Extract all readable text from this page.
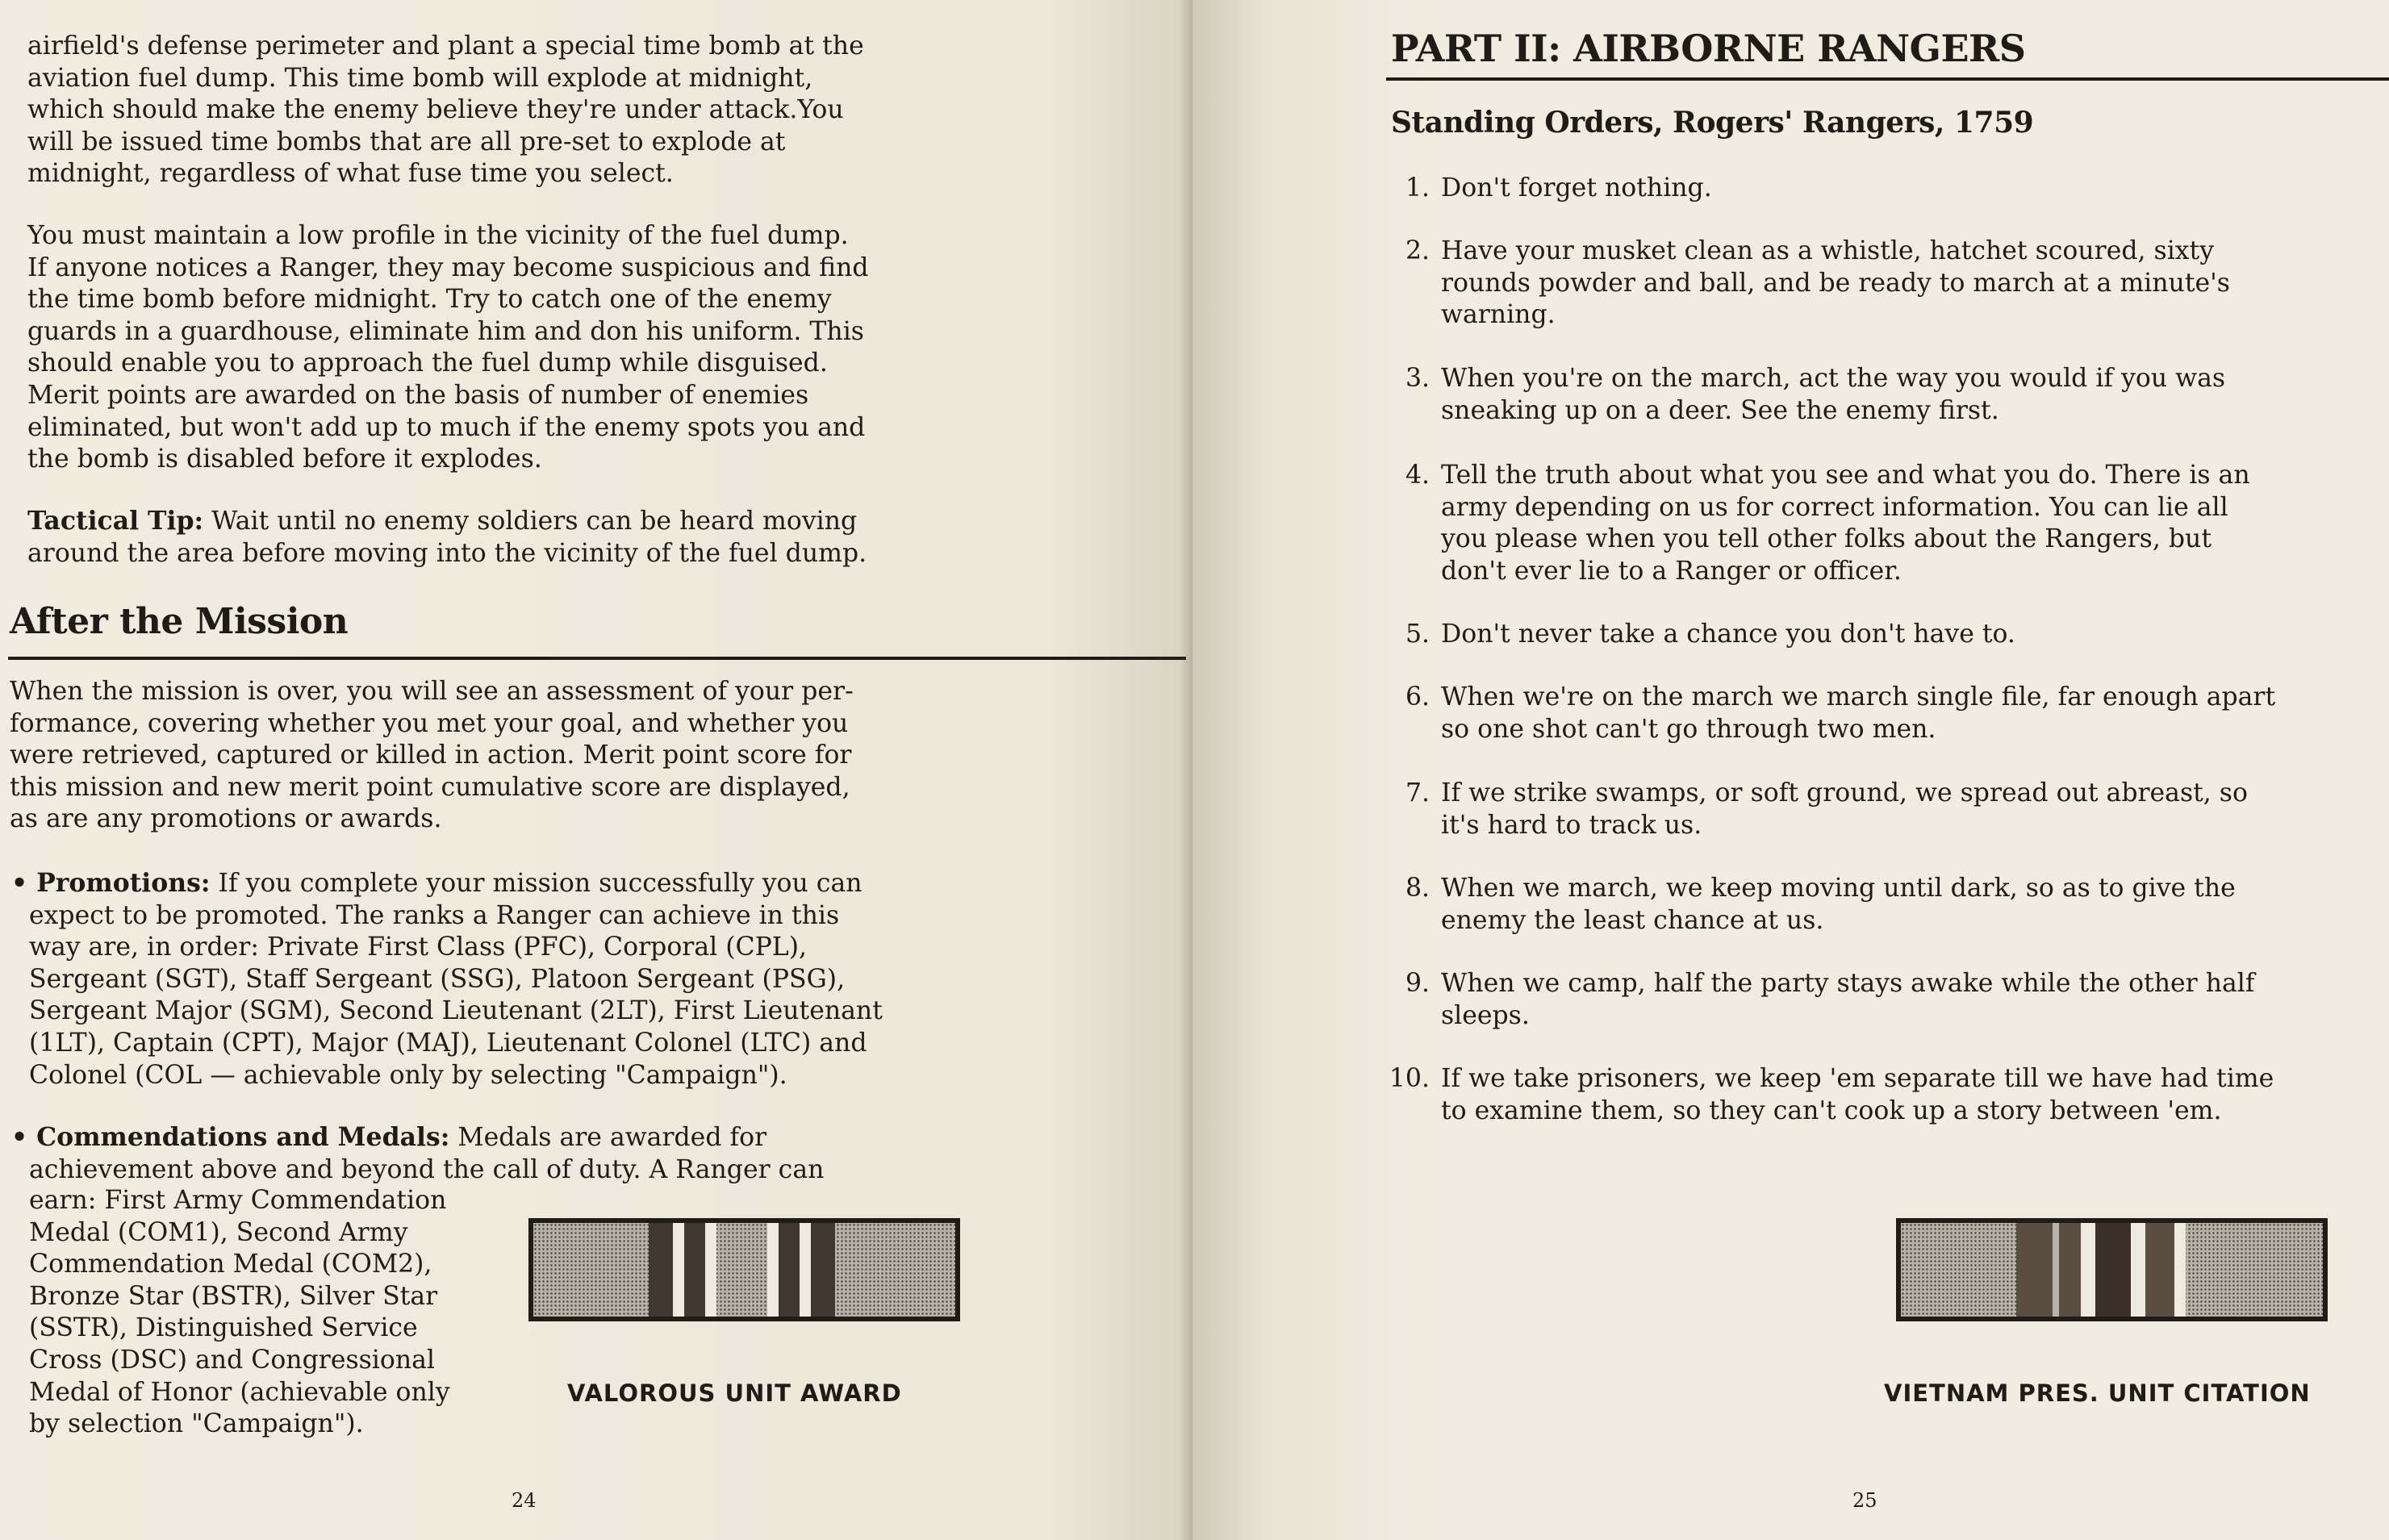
airfield's defense perimeter and plant a special time bomb at the
aviation fuel dump. This time bomb will explode at midnight,
which should make the enemy believe they're under attack.You
will be issued time bombs that are all pre-set to explode at
midnight, regardless of what fuse time you select.

You must maintain a low profile in the vicinity of the fuel dump.
If anyone notices a Ranger, they may become suspicious and find
the time bomb before midnight. Try to catch one of the enemy
guards in a guardhouse, eliminate him and don his uniform. This
should enable you to approach the fuel dump while disguised.
Merit points are awarded on the basis of number of enemies
eliminated, but won't add up to much if the enemy spots you and
the bomb is disabled before it explodes.

Tactical Tip: Wait until no enemy soldiers can be heard moving
around the area before moving into the vicinity of the fuel dump.

After the Mission

When the mission is over, you will see an assessment of your per-
formance, covering whether you met your goal, and whether you
were retrieved, captured or killed in action. Merit point score for
this mission and new merit point cumulative score are displayed,
as are any promotions or awards.

• Promotions: If you complete your mission successfully you can
expect to be promoted. The ranks a Ranger can achieve in this
way are, in order: Private First Class (PFC), Corporal (CPL),
Sergeant (SGT), Staff Sergeant (SSG), Platoon Sergeant (PSG),
Sergeant Major (SGM), Second Lieutenant (2LT), First Lieutenant
(1LT), Captain (CPT), Major (MAJ), Lieutenant Colonel (LTC) and
Colonel (COL — achievable only by selecting "Campaign").

• Commendations and Medals: Medals are awarded for
achievement above and beyond the call of duty. A Ranger can

earn: First Army Commendation
Medal (COM1), Second Army
Commendation Medal (COM2),
Bronze Star (BSTR), Silver Star
(SSTR), Distinguished Service
Cross (DSC) and Congressional
Medal of Honor (achievable only
by selection "Campaign").

VALOROUS UNIT AWARD

24

PART II: AIRBORNE RANGERS
Standing Orders, Rogers' Rangers, 1759
1. Don't forget nothing.
2. Have your musket clean as a whistle, hatchet scoured, sixty
rounds powder and ball, and be ready to march at a minute's
warning.
3. When you're on the march, act the way you would if you was
sneaking up on a deer. See the enemy first.
4. Tell the truth about what you see and what you do. There is an
army depending on us for correct information. You can lie all
you please when you tell other folks about the Rangers, but
don't ever lie to a Ranger or officer.
5. Don't never take a chance you don't have to.
6. When we're on the march we march single file, far enough apart
so one shot can't go through two men.
7. If we strike swamps, or soft ground, we spread out abreast, so
it's hard to track us.
8. When we march, we keep moving until dark, so as to give the
enemy the least chance at us.
9. When we camp, half the party stays awake while the other half
sleeps.
10. If we take prisoners, we keep 'em separate till we have had time
to examine them, so they can't cook up a story between 'em.

VIETNAM PRES. UNIT CITATION

25
